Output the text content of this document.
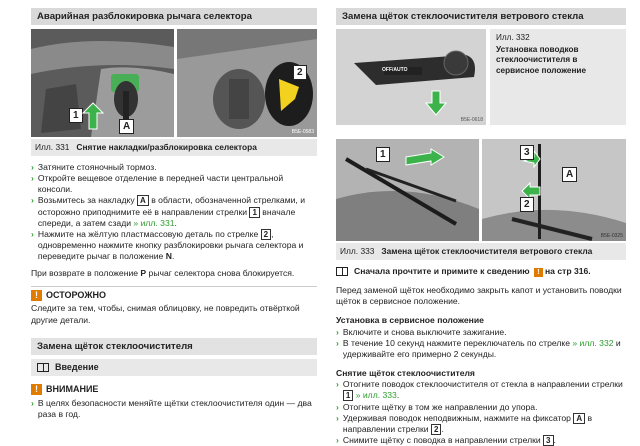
Аварийная разблокировка рычага селектора
1
A
2
B5E-0583
Илл. 331 Снятие накладки/разблокировка селектора
› Затяните стояночный тормоз.
› Откройте вещевое отделение в передней части центральной консоли.
› Возьмитесь за накладку A в области, обозначенной стрелками, и осторожно приподнимите её в направлении стрелки 1 вначале спереди, а затем сзади » илл. 331.
› Нажмите на жёлтую пластмассовую деталь по стрелке 2 , одновременно нажмите кнопку разблокировки рычага селектора и переведите рычаг в положение N.
При возврате в положение P рычаг селектора снова блокируется.
! ОСТОРОЖНО
Следите за тем, чтобы, снимая облицовку, не повредить отвёрткой другие детали.
Замена щёток стеклоочистителя
Введение
! ВНИМАНИЕ
› В целях безопасности меняйте щётки стеклоочистителя один — два раза в год.
Замена щёток стеклоочистителя ветрового стекла
OFF/AUTO
B5E-0618
Илл. 332
Установка поводков стеклоочистителя в сервисное положение
1	3
A
2
B5E-0325
Илл. 333 Замена щёток стеклоочистителя ветрового стекла
Сначала прочтите и примите к сведению ! на стр 316.
Перед заменой щёток необходимо закрыть капот и установить поводки щёток в сервисное положение.
Установка в сервисное положение
› Включите и снова выключите зажигание.
› В течение 10 секунд нажмите переключатель по стрелке » илл. 332 и удерживайте его примерно 2 секунды.
Снятие щёток стеклоочистителя
› Отогните поводок стеклоочистителя от стекла в направлении стрелки 1 » илл. 333.
› Отогните щётку в том же направлении до упора.
› Удерживая поводок неподвижным, нажмите на фиксатор A в направлении стрелки 2 .
› Снимите щётку с поводка в направлении стрелки 3 .
